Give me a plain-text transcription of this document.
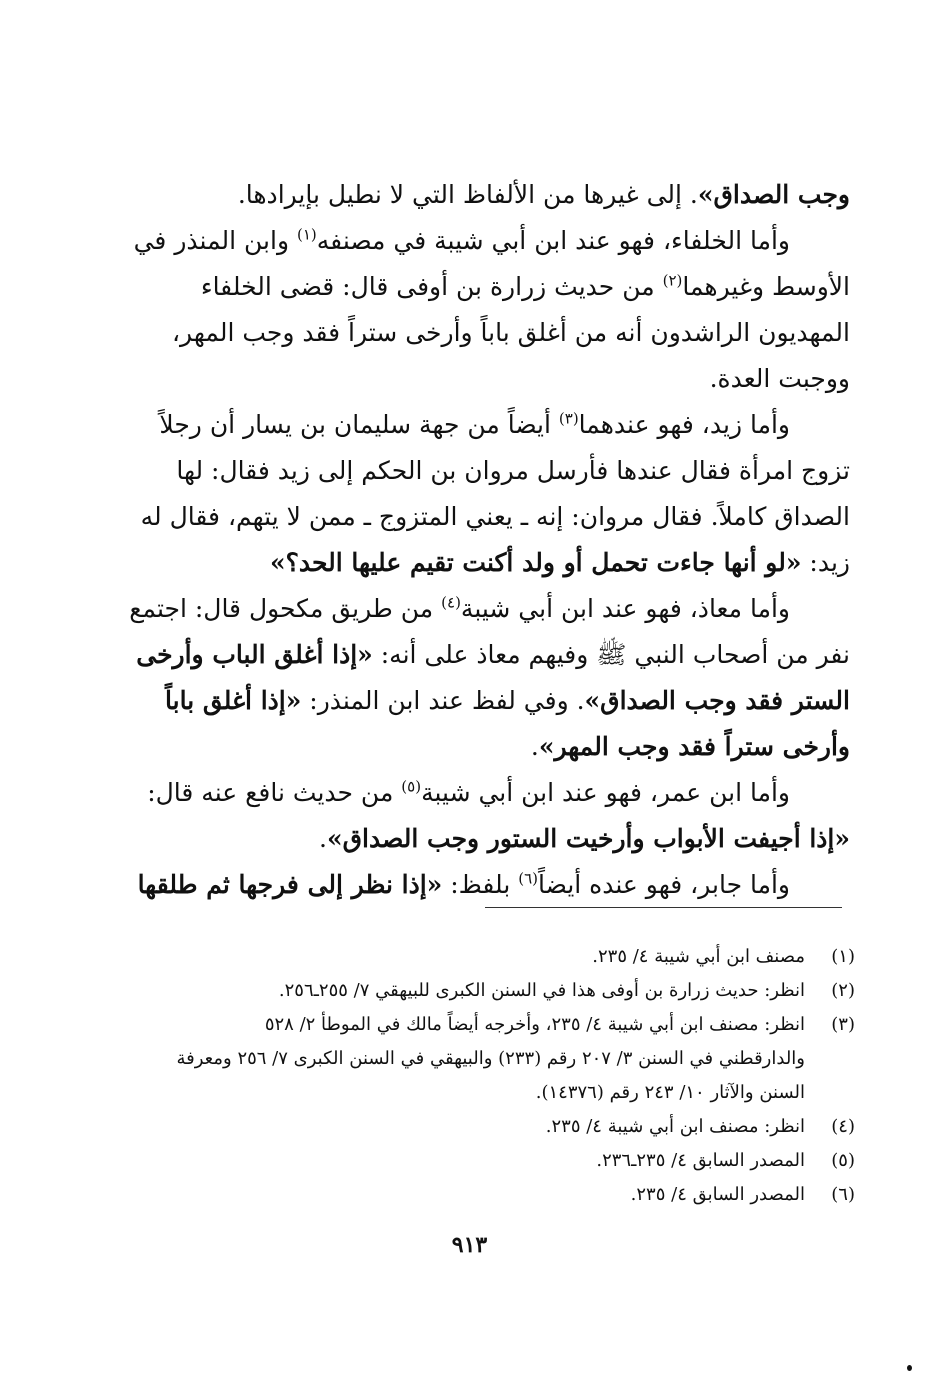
وجب الصداق». إلى غيرها من الألفاظ التي لا نطيل بإيرادها.
وأما الخلفاء، فهو عند ابن أبي شيبة في مصنفه$^{(١)}$ وابن المنذر في
الأوسط وغيرهما$^{(٢)}$ من حديث زرارة بن أوفى قال: قضى الخلفاء
المهديون الراشدون أنه من أغلق باباً وأرخى ستراً فقد وجب المهر،
ووجبت العدة.
وأما زيد، فهو عندهما$^{(٣)}$ أيضاً من جهة سليمان بن يسار أن رجلاً
تزوج امرأة فقال عندها فأرسل مروان بن الحكم إلى زيد فقال: لها
الصداق كاملاً. فقال مروان: إنه ـ يعني المتزوج ـ ممن لا يتهم، فقال له
زيد: «لو أنها جاءت تحمل أو ولد أكنت تقيم عليها الحد؟»
وأما معاذ، فهو عند ابن أبي شيبة$^{(٤)}$ من طريق مكحول قال: اجتمع
نفر من أصحاب النبي ﷺ وفيهم معاذ على أنه: «إذا أغلق الباب وأرخى
الستر فقد وجب الصداق». وفي لفظ عند ابن المنذر: «إذا أغلق باباً
وأرخى ستراً فقد وجب المهر».
وأما ابن عمر، فهو عند ابن أبي شيبة$^{(٥)}$ من حديث نافع عنه قال:
«إذا أجيفت الأبواب وأرخيت الستور وجب الصداق».
وأما جابر، فهو عنده أيضاً$^{(٦)}$ بلفظ: «إذا نظر إلى فرجها ثم طلقها
(١)
مصنف ابن أبي شيبة ٤/ ٢٣٥.
(٢)
انظر: حديث زرارة بن أوفى هذا في السنن الكبرى للبيهقي ٧/ ٢٥٥ـ٢٥٦.
(٣)
انظر: مصنف ابن أبي شيبة ٤/ ٢٣٥، وأخرجه أيضاً مالك في الموطأ ٢/ ٥٢٨
والدارقطني في السنن ٣/ ٢٠٧ رقم (٢٣٣) والبيهقي في السنن الكبرى ٧/ ٢٥٦ ومعرفة
السنن والآثار ١٠/ ٢٤٣ رقم (١٤٣٧٦).
(٤)
انظر: مصنف ابن أبي شيبة ٤/ ٢٣٥.
(٥)
المصدر السابق ٤/ ٢٣٥ـ٢٣٦.
(٦)
المصدر السابق ٤/ ٢٣٥.
٩١٣
